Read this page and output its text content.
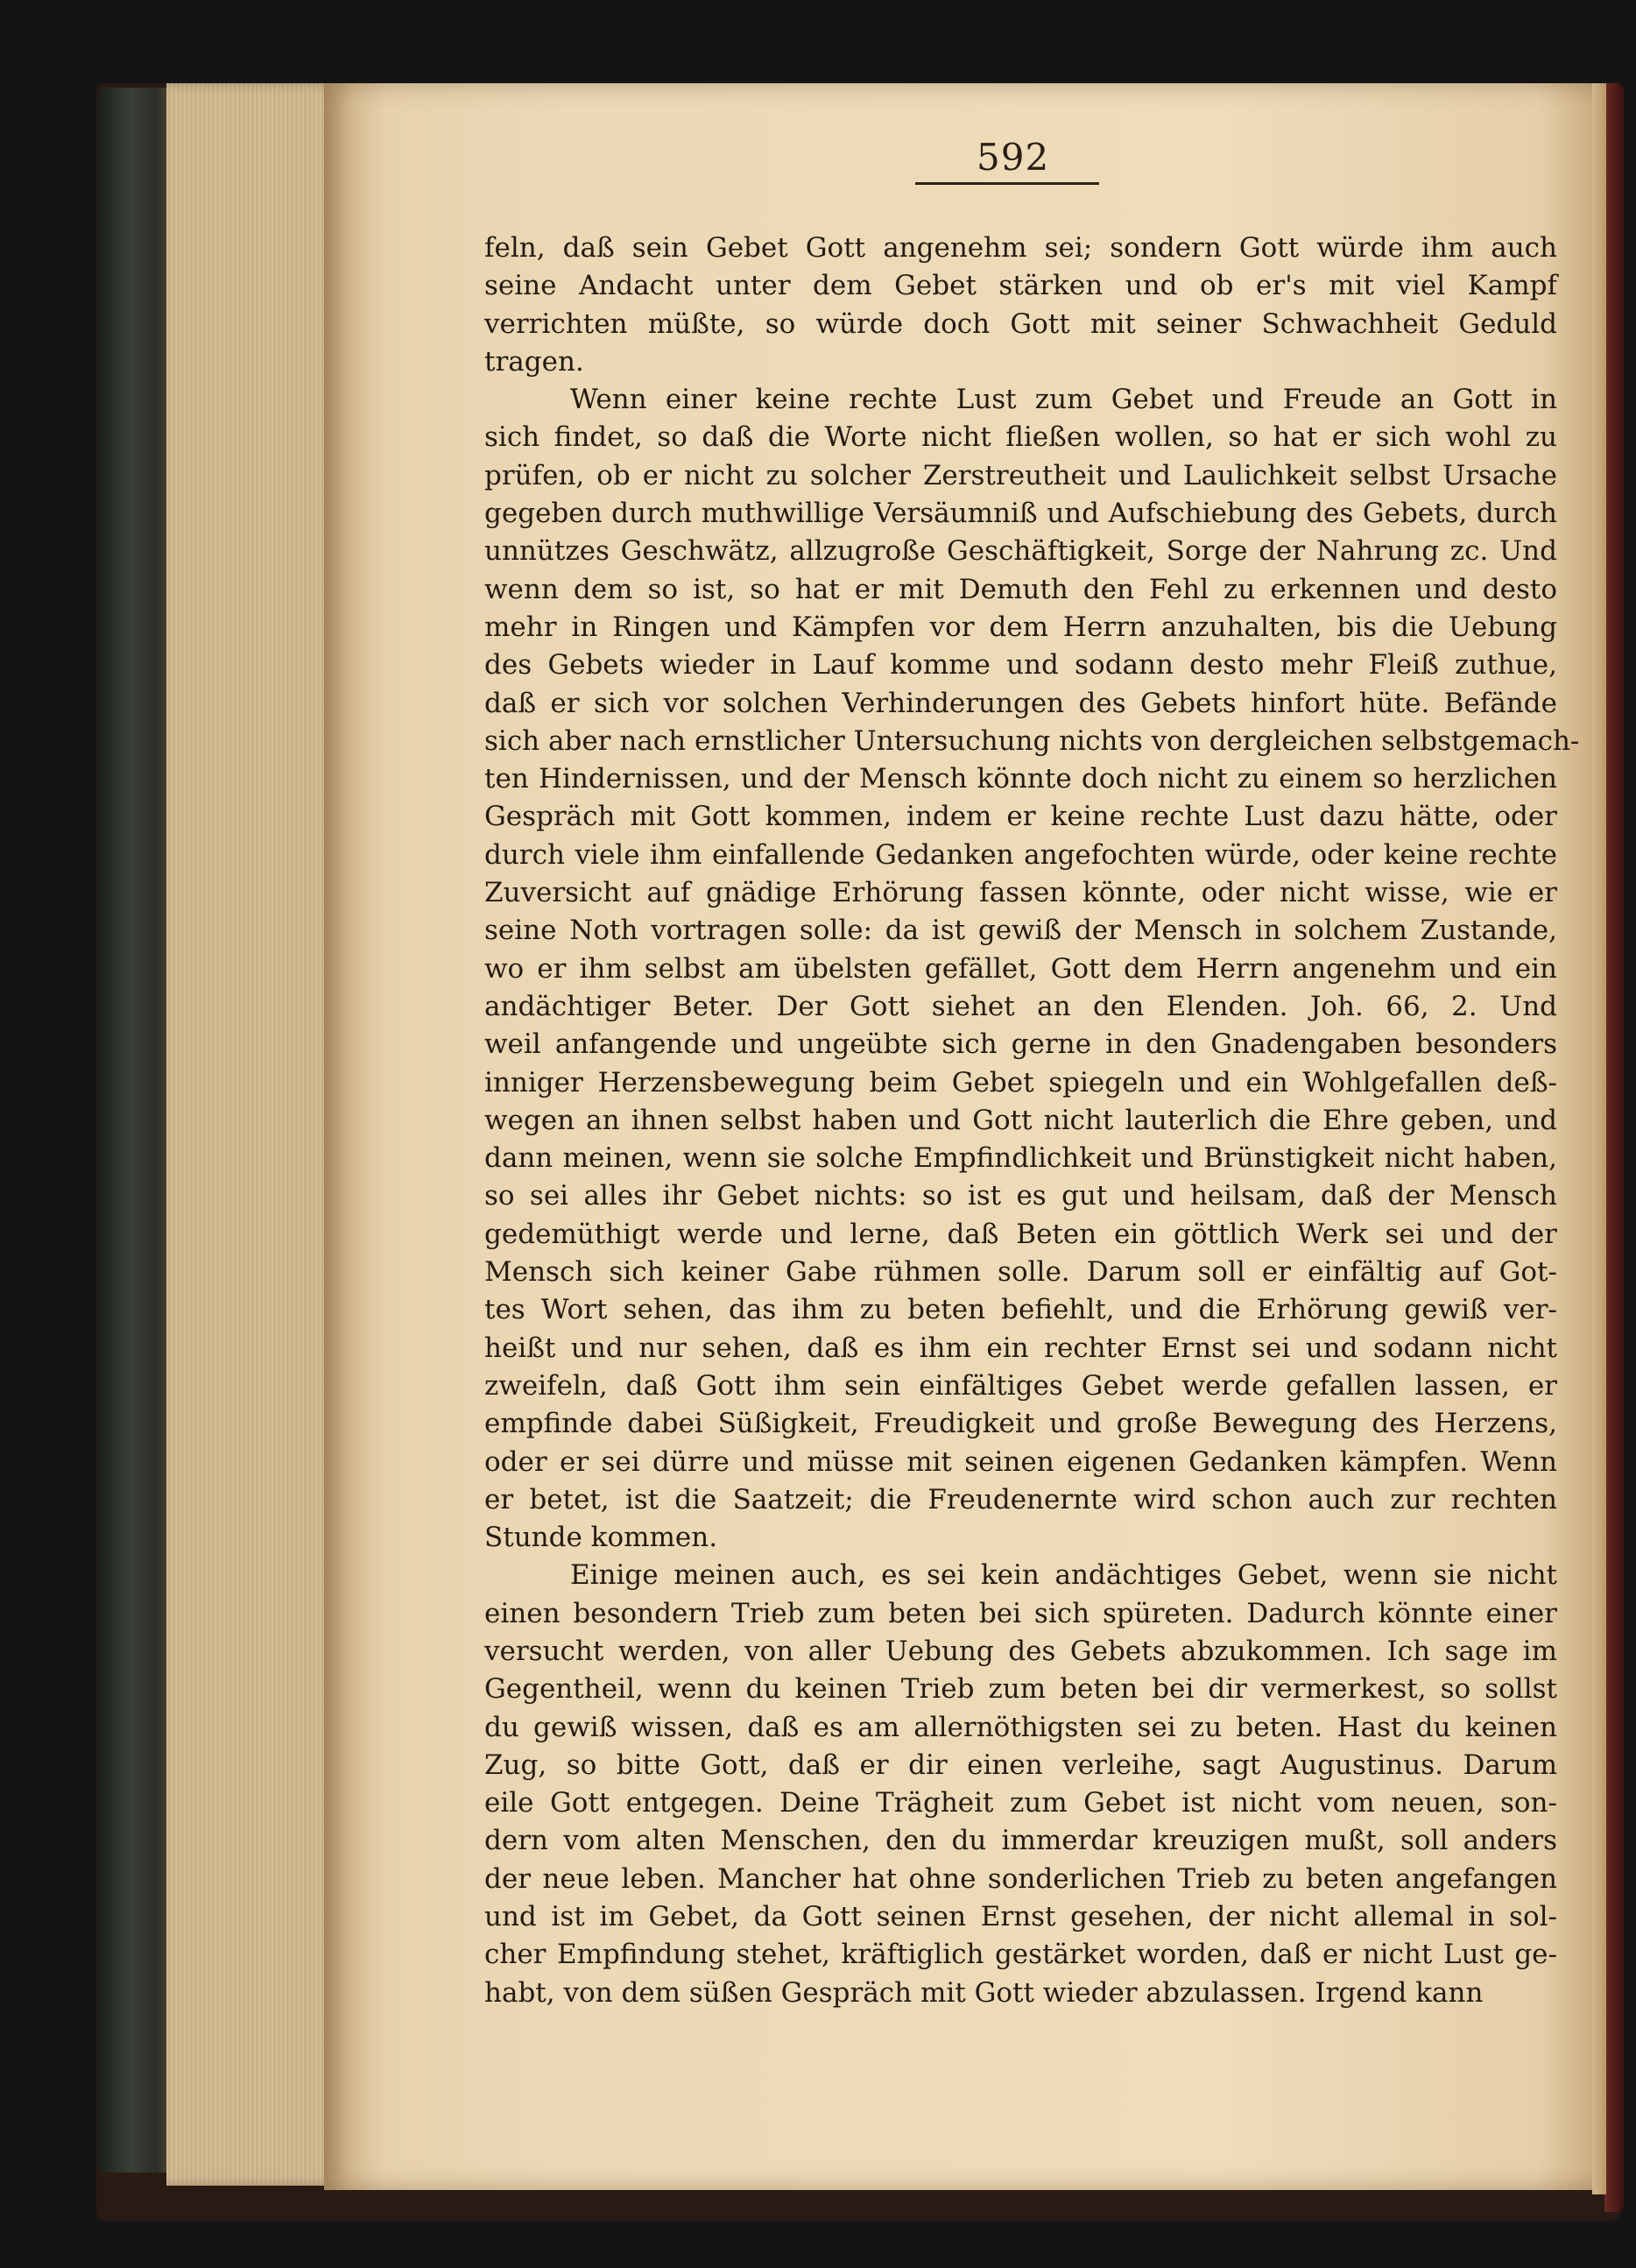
592
feln, daß sein Gebet Gott angenehm sei; sondern Gott würde ihm auch
seine Andacht unter dem Gebet stärken und ob er's mit viel Kampf
verrichten müßte, so würde doch Gott mit seiner Schwachheit Geduld
tragen.
Wenn einer keine rechte Lust zum Gebet und Freude an Gott in
sich findet, so daß die Worte nicht fließen wollen, so hat er sich wohl zu
prüfen, ob er nicht zu solcher Zerstreutheit und Laulichkeit selbst Ursache
gegeben durch muthwillige Versäumniß und Aufschiebung des Gebets, durch
unnützes Geschwätz, allzugroße Geschäftigkeit, Sorge der Nahrung zc. Und
wenn dem so ist, so hat er mit Demuth den Fehl zu erkennen und desto
mehr in Ringen und Kämpfen vor dem Herrn anzuhalten, bis die Uebung
des Gebets wieder in Lauf komme und sodann desto mehr Fleiß zuthue,
daß er sich vor solchen Verhinderungen des Gebets hinfort hüte. Befände
sich aber nach ernstlicher Untersuchung nichts von dergleichen selbstgemach-
ten Hindernissen, und der Mensch könnte doch nicht zu einem so herzlichen
Gespräch mit Gott kommen, indem er keine rechte Lust dazu hätte, oder
durch viele ihm einfallende Gedanken angefochten würde, oder keine rechte
Zuversicht auf gnädige Erhörung fassen könnte, oder nicht wisse, wie er
seine Noth vortragen solle: da ist gewiß der Mensch in solchem Zustande,
wo er ihm selbst am übelsten gefället, Gott dem Herrn angenehm und ein
andächtiger Beter. Der Gott siehet an den Elenden. Joh. 66, 2. Und
weil anfangende und ungeübte sich gerne in den Gnadengaben besonders
inniger Herzensbewegung beim Gebet spiegeln und ein Wohlgefallen deß-
wegen an ihnen selbst haben und Gott nicht lauterlich die Ehre geben, und
dann meinen, wenn sie solche Empfindlichkeit und Brünstigkeit nicht haben,
so sei alles ihr Gebet nichts: so ist es gut und heilsam, daß der Mensch
gedemüthigt werde und lerne, daß Beten ein göttlich Werk sei und der
Mensch sich keiner Gabe rühmen solle. Darum soll er einfältig auf Got-
tes Wort sehen, das ihm zu beten befiehlt, und die Erhörung gewiß ver-
heißt und nur sehen, daß es ihm ein rechter Ernst sei und sodann nicht
zweifeln, daß Gott ihm sein einfältiges Gebet werde gefallen lassen, er
empfinde dabei Süßigkeit, Freudigkeit und große Bewegung des Herzens,
oder er sei dürre und müsse mit seinen eigenen Gedanken kämpfen. Wenn
er betet, ist die Saatzeit; die Freudenernte wird schon auch zur rechten
Stunde kommen.
Einige meinen auch, es sei kein andächtiges Gebet, wenn sie nicht
einen besondern Trieb zum beten bei sich spüreten. Dadurch könnte einer
versucht werden, von aller Uebung des Gebets abzukommen. Ich sage im
Gegentheil, wenn du keinen Trieb zum beten bei dir vermerkest, so sollst
du gewiß wissen, daß es am allernöthigsten sei zu beten. Hast du keinen
Zug, so bitte Gott, daß er dir einen verleihe, sagt Augustinus. Darum
eile Gott entgegen. Deine Trägheit zum Gebet ist nicht vom neuen, son-
dern vom alten Menschen, den du immerdar kreuzigen mußt, soll anders
der neue leben. Mancher hat ohne sonderlichen Trieb zu beten angefangen
und ist im Gebet, da Gott seinen Ernst gesehen, der nicht allemal in sol-
cher Empfindung stehet, kräftiglich gestärket worden, daß er nicht Lust ge-
habt, von dem süßen Gespräch mit Gott wieder abzulassen. Irgend kann
